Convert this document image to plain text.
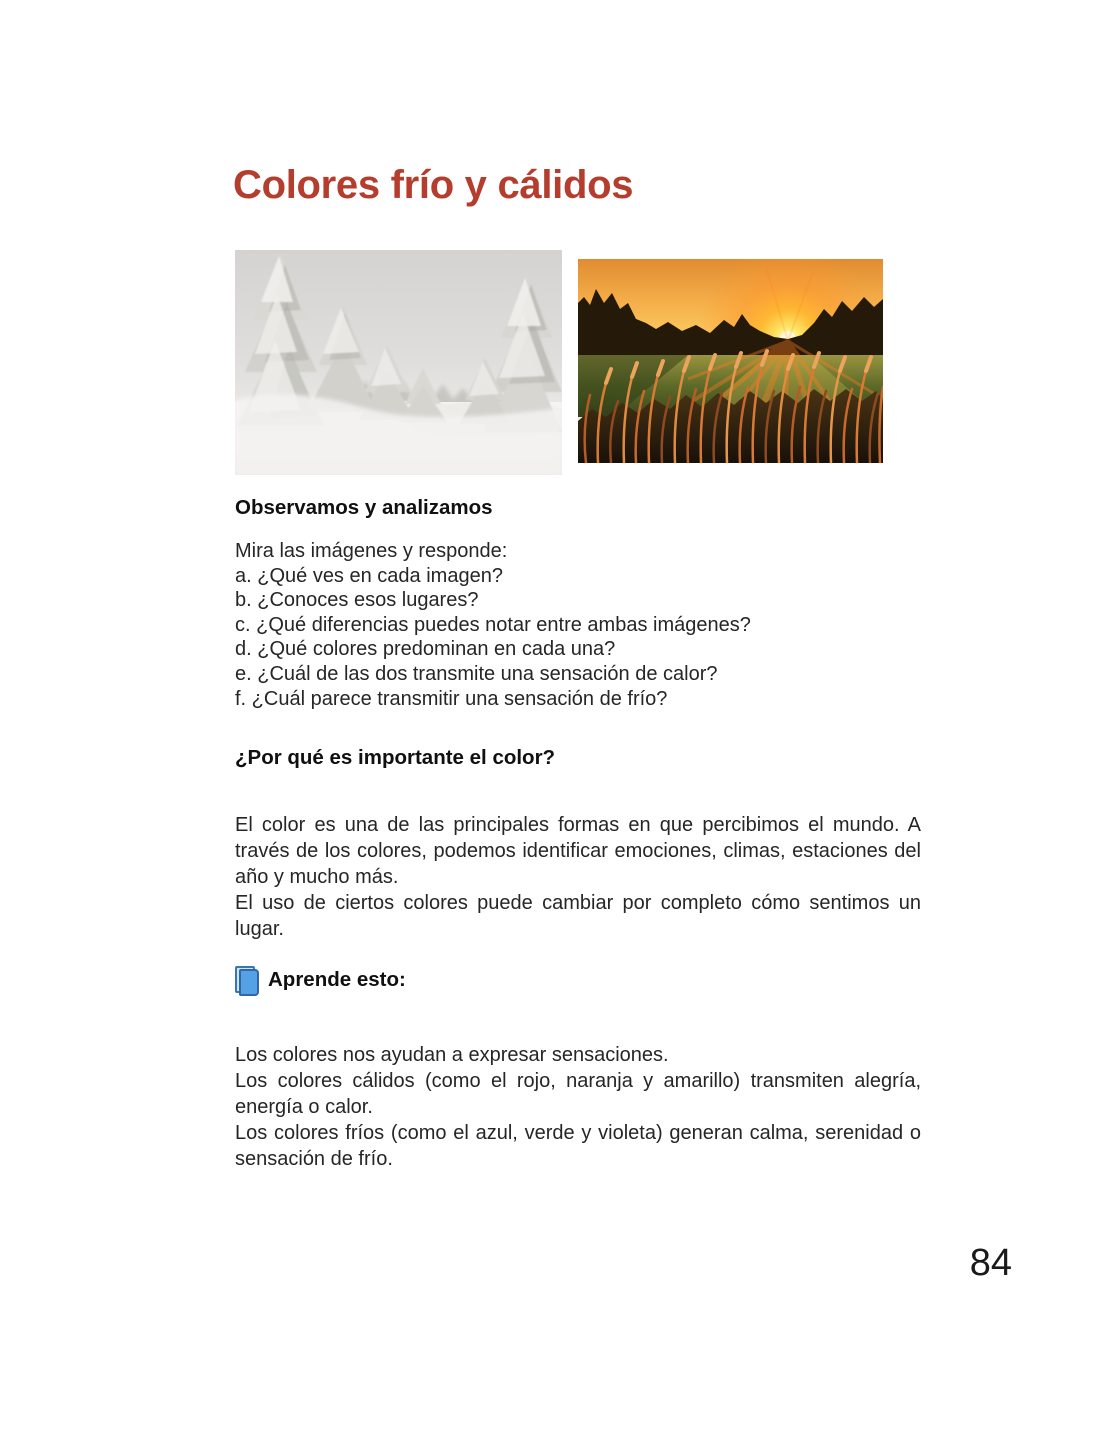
Colores frío y cálidos
Observamos y analizamos
Mira las imágenes y responde:
a. ¿Qué ves en cada imagen?
b. ¿Conoces esos lugares?
c. ¿Qué diferencias puedes notar entre ambas imágenes?
d. ¿Qué colores predominan en cada una?
e. ¿Cuál de las dos transmite una sensación de calor?
f. ¿Cuál parece transmitir una sensación de frío?
¿Por qué es importante el color?

El color es una de las principales formas en que percibimos el mundo. A través de los colores, podemos identificar emociones, climas, estaciones del año y mucho más.

El uso de ciertos colores puede cambiar por completo cómo sentimos un lugar.

Aprende esto:

Los colores nos ayudan a expresar sensaciones.

Los colores cálidos (como el rojo, naranja y amarillo) transmiten alegría, energía o calor.

Los colores fríos (como el azul, verde y violeta) generan calma, serenidad o sensación de frío.

84
